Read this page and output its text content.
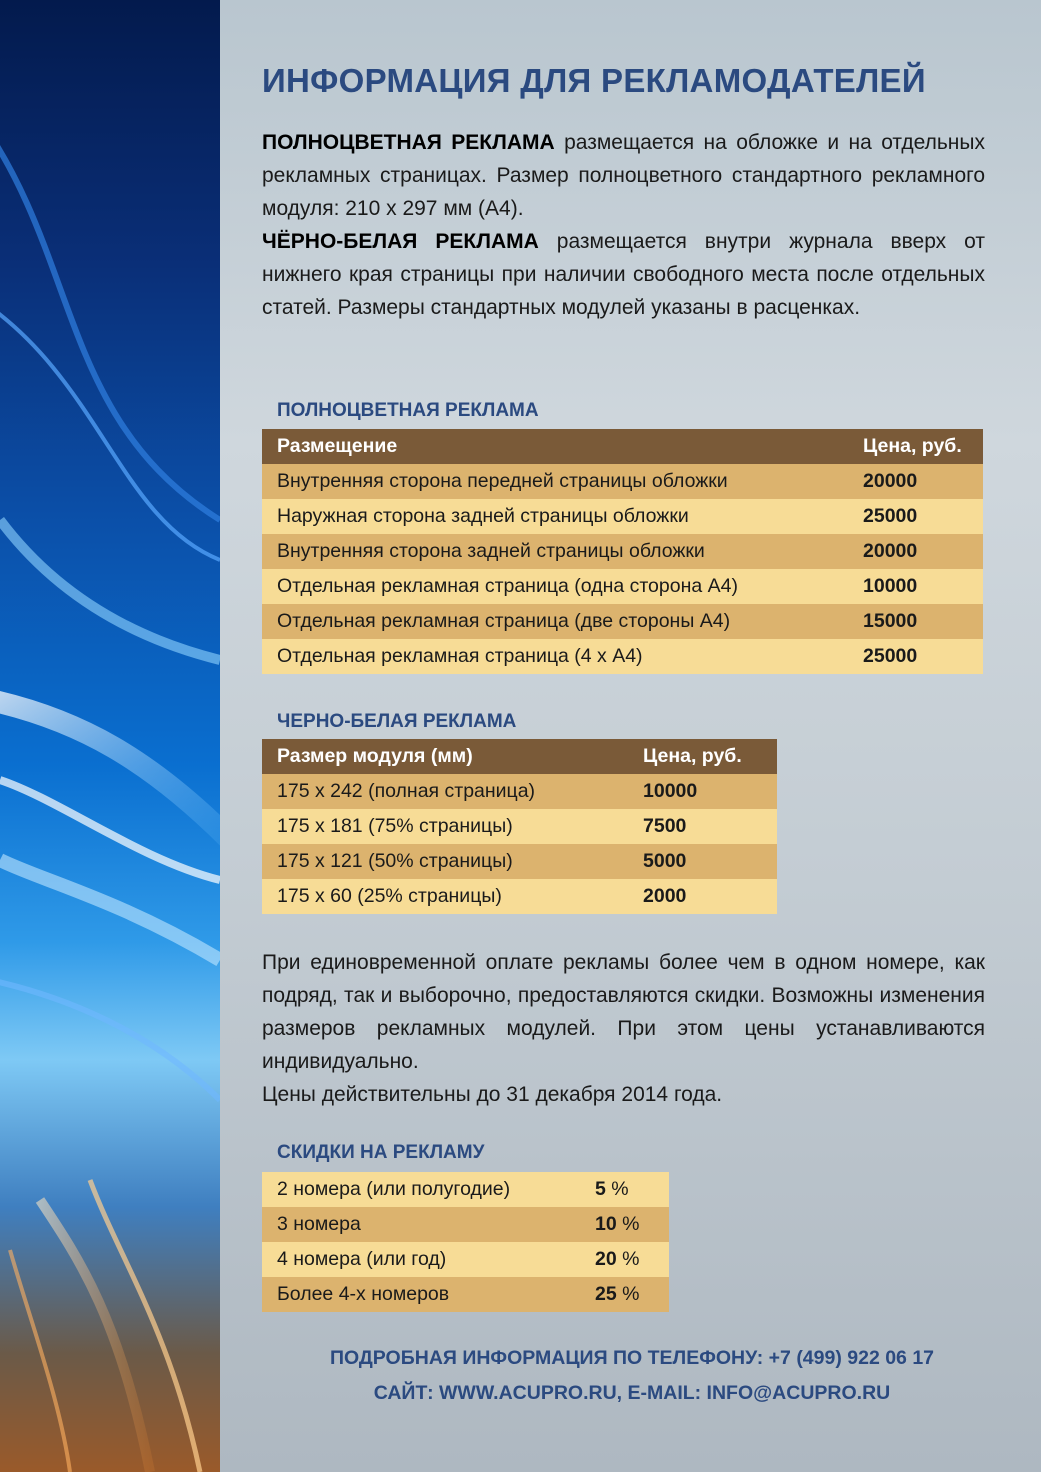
ИНФОРМАЦИЯ ДЛЯ РЕКЛАМОДАТЕЛЕЙ
ПОЛНОЦВЕТНАЯ РЕКЛАМА размещается на обложке и на отдельных рекламных страницах. Размер полноцветного стандартного рекламного модуля: 210 х 297 мм (А4).
ЧЁРНО-БЕЛАЯ РЕКЛАМА размещается внутри журнала вверх от нижнего края страницы при наличии свободного места после отдельных статей. Размеры стандартных модулей указаны в расценках.
ПОЛНОЦВЕТНАЯ РЕКЛАМА
Размещение	Цена, руб.
Внутренняя сторона передней страницы обложки	20000
Наружная сторона задней страницы обложки	25000
Внутренняя сторона задней страницы обложки	20000
Отдельная рекламная страница (одна сторона А4)	10000
Отдельная рекламная страница (две стороны А4)	15000
Отдельная рекламная страница (4 х А4)	25000
ЧЕРНО-БЕЛАЯ РЕКЛАМА
Размер модуля (мм)	Цена, руб.
175 х 242 (полная страница)	10000
175 х 181 (75% страницы)	7500
175 х 121 (50% страницы)	5000
175 х 60 (25% страницы)	2000
При единовременной оплате рекламы более чем в одном номере, как подряд, так и выборочно, предоставляются скидки. Возможны изменения размеров рекламных модулей. При этом цены устанавливаются индивидуально.
Цены действительны до 31 декабря 2014 года.
СКИДКИ НА РЕКЛАМУ
2 номера (или полугодие)	5 %
3 номера	10 %
4 номера (или год)	20 %
Более 4-х номеров	25 %
ПОДРОБНАЯ ИНФОРМАЦИЯ ПО ТЕЛЕФОНУ: +7 (499) 922 06 17
САЙТ: WWW.ACUPRO.RU, E-MAIL: INFO@ACUPRO.RU
